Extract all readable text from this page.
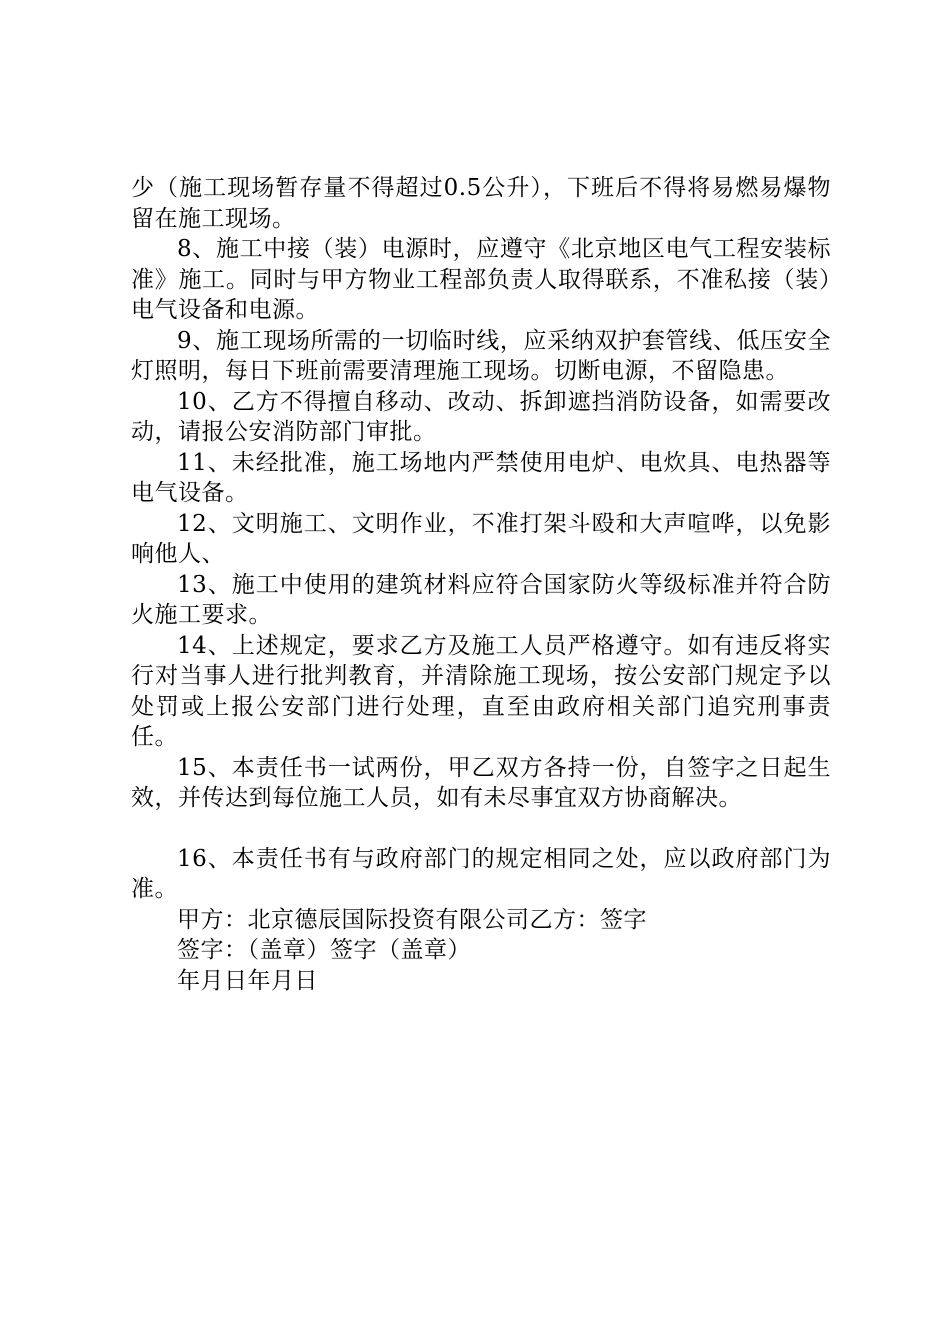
少（施工现场暂存量不得超过0.5公升），下班后不得将易燃易爆物留在施工现场。

8、施工中接（装）电源时，应遵守《北京地区电气工程安装标准》施工。同时与甲方物业工程部负责人取得联系，不准私接（装）电气设备和电源。

9、施工现场所需的一切临时线，应采纳双护套管线、低压安全灯照明，每日下班前需要清理施工现场。切断电源，不留隐患。

10、乙方不得擅自移动、改动、拆卸遮挡消防设备，如需要改动，请报公安消防部门审批。

11、未经批准，施工场地内严禁使用电炉、电炊具、电热器等电气设备。

12、文明施工、文明作业，不准打架斗殴和大声喧哗，以免影响他人、

13、施工中使用的建筑材料应符合国家防火等级标准并符合防火施工要求。

14、上述规定，要求乙方及施工人员严格遵守。如有违反将实行对当事人进行批判教育，并清除施工现场，按公安部门规定予以处罚或上报公安部门进行处理，直至由政府相关部门追究刑事责任。

15、本责任书一试两份，甲乙双方各持一份，自签字之日起生效，并传达到每位施工人员，如有未尽事宜双方协商解决。

16、本责任书有与政府部门的规定相同之处，应以政府部门为准。

甲方：北京德辰国际投资有限公司乙方：签字

签字：（盖章）签字（盖章）

年月日年月日
